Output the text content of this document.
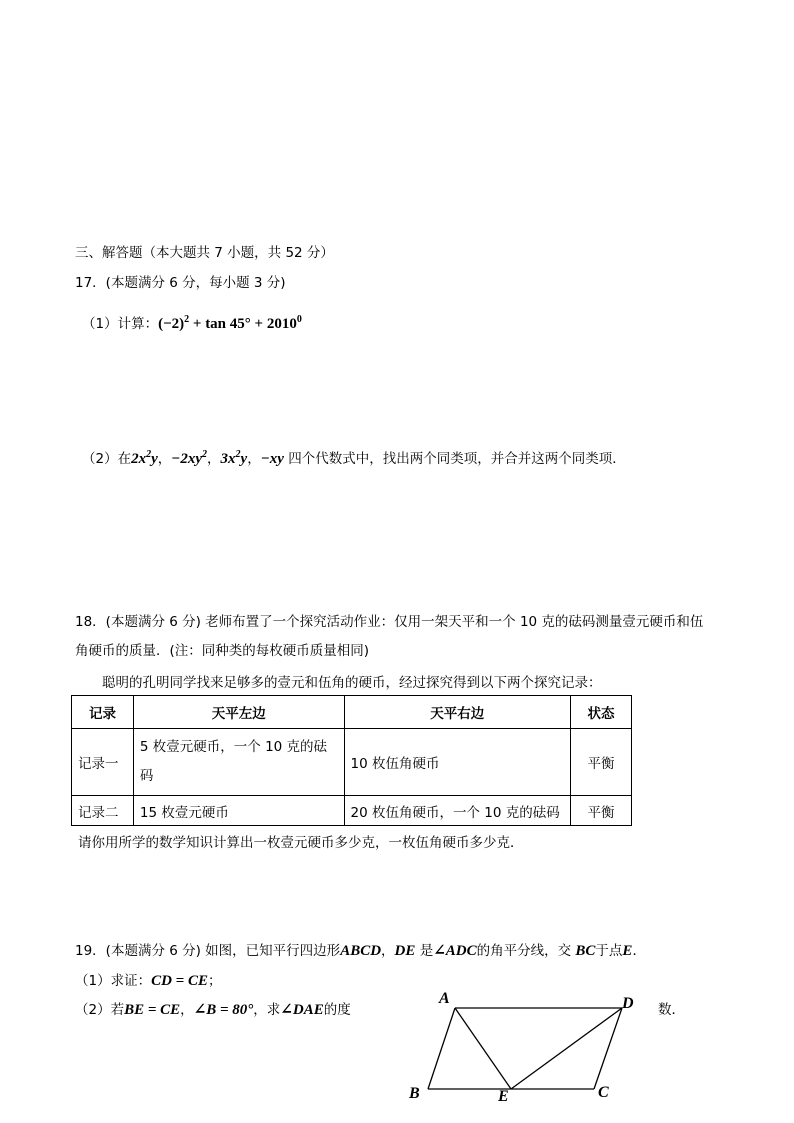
三、解答题（本大题共 7 小题，共 52 分）
17．(本题满分 6 分，每小题 3 分)
（1）计算：$(-2)^2 + \tan 45^\circ + 2010^0$
（2）在$2x^2y$，$-2xy^2$，$3x^2y$，−xy 四个代数式中，找出两个同类项，并合并这两个同类项．
18．(本题满分 6 分) 老师布置了一个探究活动作业：仅用一架天平和一个 10 克的砝码测量壹元硬币和伍
角硬币的质量．(注：同种类的每枚硬币质量相同)
聪明的孔明同学找来足够多的壹元和伍角的硬币，经过探究得到以下两个探究记录：
记录	天平左边	天平右边	状态
记录一	5 枚壹元硬币，一个 10 克的砝码	10 枚伍角硬币	平衡
记录二	15 枚壹元硬币	20 枚伍角硬币，一个 10 克的砝码	平衡
请你用所学的数学知识计算出一枚壹元硬币多少克，一枚伍角硬币多少克．
19．(本题满分 6 分) 如图，已知平行四边形ABCD，DE 是∠ADC的角平分线，交 BC于点E．
（1）求证：CD = CE；
（2）若BE = CE，∠B = 80°，求∠DAE的度	数．
A	D
B	E	C
